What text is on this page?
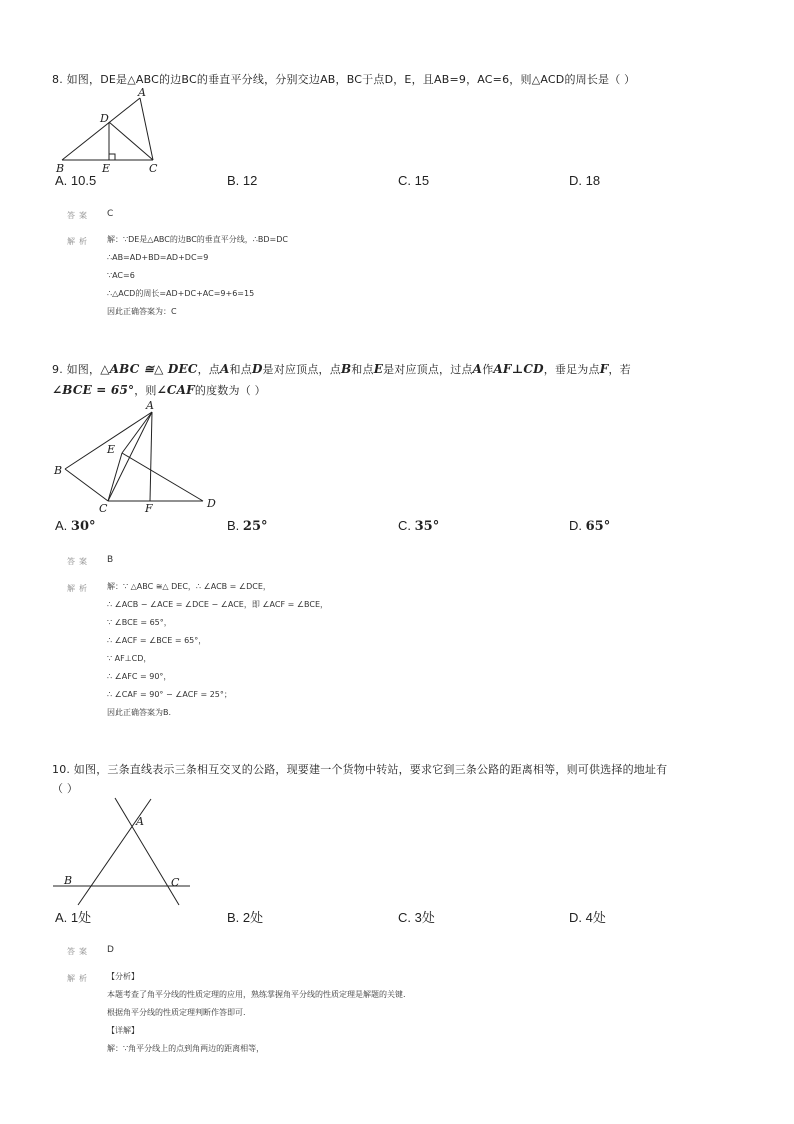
8. 如图，DE是△ABC的边BC的垂直平分线，分别交边AB，BC于点D，E，且AB=9，AC=6，则△ACD的周长是（ ）
A
D
B	E	C
A. 10.5	B. 12	C. 15	D. 18
答案 C
解析 解：∵DE是△ABC的边BC的垂直平分线，∴BD=DC
∴AB=AD+BD=AD+DC=9
∵AC=6
∴△ACD的周长=AD+DC+AC=9+6=15
因此正确答案为：C
9. 如图，△ABC ≅△ DEC，点A和点D是对应顶点，点B和点E是对应顶点，过点A作AF⊥CD，垂足为点F，若
∠BCE = 65°，则∠CAF的度数为（ ）
A
B
E
C	F	D
A. 30°	B. 25°	C. 35°	D. 65°
答案 B
解析 解：∵ △ABC ≅△ DEC，∴ ∠ACB = ∠DCE，
∴ ∠ACB − ∠ACE = ∠DCE − ∠ACE，即 ∠ACF = ∠BCE，
∵ ∠BCE = 65°，
∴ ∠ACF = ∠BCE = 65°，
∵ AF⊥CD，
∴ ∠AFC = 90°，
∴ ∠CAF = 90° − ∠ACF = 25°；
因此正确答案为B.
10. 如图，三条直线表示三条相互交叉的公路，现要建一个货物中转站，要求它到三条公路的距离相等，则可供选择的地址有
（ ）
A
B	C
A. 1处	B. 2处	C. 3处	D. 4处
答案 D
解析 【分析】
本题考查了角平分线的性质定理的应用，熟练掌握角平分线的性质定理是解题的关键.
根据角平分线的性质定理判断作答即可.
【详解】
解：∵角平分线上的点到角两边的距离相等，
